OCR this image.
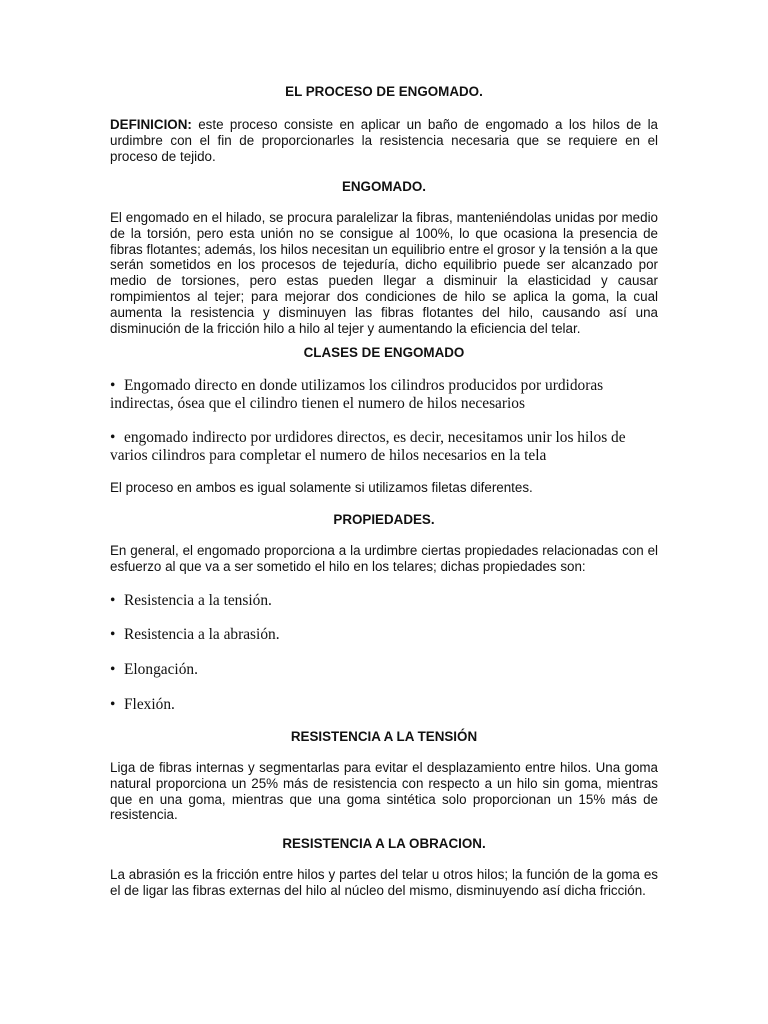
EL PROCESO DE ENGOMADO.

DEFINICION: este proceso consiste en aplicar un baño de engomado a los hilos de la urdimbre con el fin de proporcionarles la resistencia necesaria que se requiere en el proceso de tejido.

ENGOMADO.

El engomado en el hilado, se procura paralelizar la fibras, manteniéndolas unidas por medio de la torsión, pero esta unión no se consigue al 100%, lo que ocasiona la presencia de fibras flotantes; además, los hilos necesitan un equilibrio entre el grosor y la tensión a la que serán sometidos en los procesos de tejeduría, dicho equilibrio puede ser alcanzado por medio de torsiones, pero estas pueden llegar a disminuir la elasticidad y causar rompimientos al tejer; para mejorar dos condiciones de hilo se aplica la goma, la cual aumenta la resistencia y disminuyen las fibras flotantes del hilo, causando así una disminución de la fricción hilo a hilo al tejer y aumentando la eficiencia del telar.

CLASES DE ENGOMADO

• Engomado directo en donde utilizamos los cilindros producidos por urdidoras indirectas, ósea que el cilindro tienen el numero de hilos necesarios

• engomado indirecto por urdidores directos, es decir, necesitamos unir los hilos de varios cilindros para completar el numero de hilos necesarios en la tela

El proceso en ambos es igual solamente si utilizamos filetas diferentes.

PROPIEDADES.

En general, el engomado proporciona a la urdimbre ciertas propiedades relacionadas con el esfuerzo al que va a ser sometido el hilo en los telares; dichas propiedades son:

• Resistencia a la tensión.

• Resistencia a la abrasión.

• Elongación.

• Flexión.

RESISTENCIA A LA TENSIÓN

Liga de fibras internas y segmentarlas para evitar el desplazamiento entre hilos. Una goma natural proporciona un 25% más de resistencia con respecto a un hilo sin goma, mientras que en una goma, mientras que una goma sintética solo proporcionan un 15% más de resistencia.

RESISTENCIA A LA OBRACION.

La abrasión es la fricción entre hilos y partes del telar u otros hilos; la función de la goma es el de ligar las fibras externas del hilo al núcleo del mismo, disminuyendo así dicha fricción.
